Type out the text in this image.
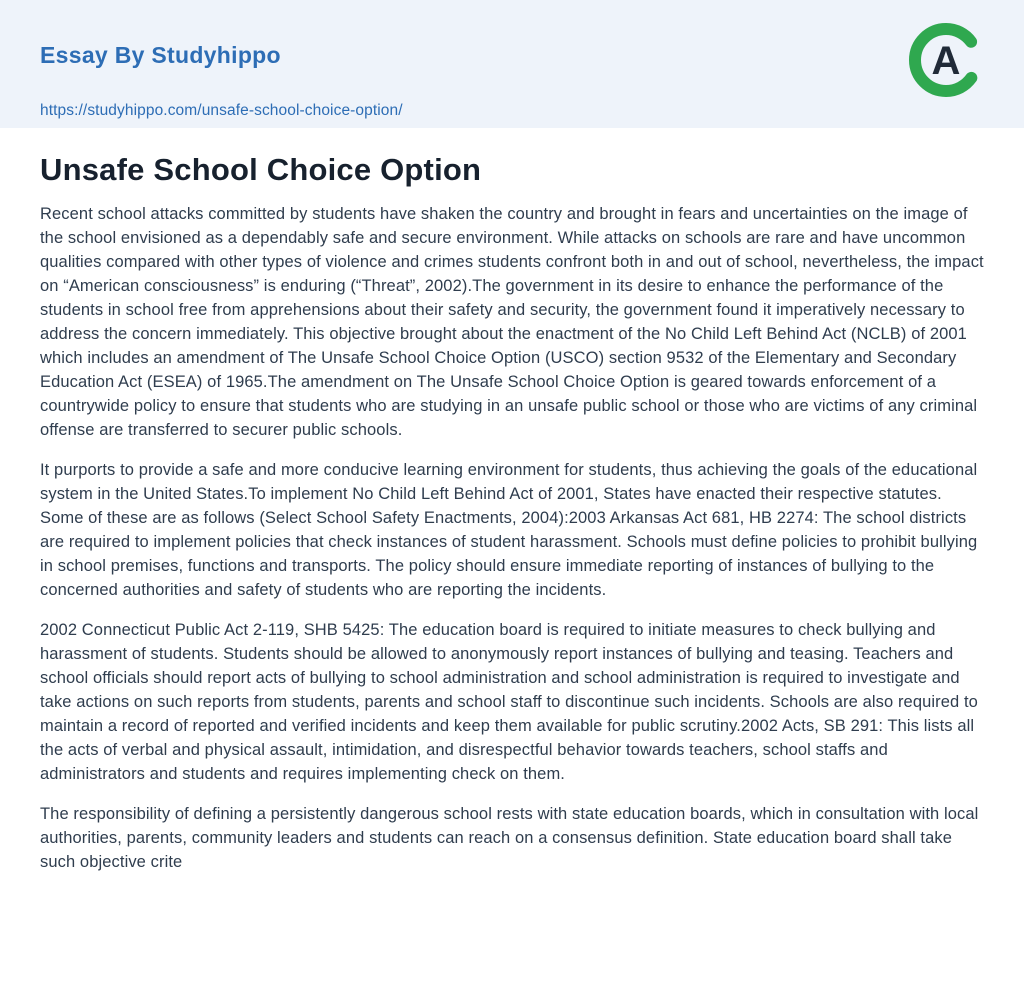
Essay By Studyhippo

https://studyhippo.com/unsafe-school-choice-option/
A
Unsafe School Choice Option

Recent school attacks committed by students have shaken the country and brought in fears and uncertainties on the image of the school envisioned as a dependably safe and secure environment. While attacks on schools are rare and have uncommon qualities compared with other types of violence and crimes students confront both in and out of school, nevertheless, the impact on “American consciousness” is enduring (“Threat”, 2002).The government in its desire to enhance the performance of the students in school free from apprehensions about their safety and security, the government found it imperatively necessary to address the concern immediately. This objective brought about the enactment of the No Child Left Behind Act (NCLB) of 2001 which includes an amendment of The Unsafe School Choice Option (USCO) section 9532 of the Elementary and Secondary Education Act (ESEA) of 1965.The amendment on The Unsafe School Choice Option is geared towards enforcement of a countrywide policy to ensure that students who are studying in an unsafe public school or those who are victims of any criminal offense are transferred to securer public schools.

It purports to provide a safe and more conducive learning environment for students, thus achieving the goals of the educational system in the United States.To implement No Child Left Behind Act of 2001, States have enacted their respective statutes. Some of these are as follows (Select School Safety Enactments, 2004):2003 Arkansas Act 681, HB 2274: The school districts are required to implement policies that check instances of student harassment. Schools must define policies to prohibit bullying in school premises, functions and transports. The policy should ensure immediate reporting of instances of bullying to the concerned authorities and safety of students who are reporting the incidents.

2002 Connecticut Public Act 2-119, SHB 5425: The education board is required to initiate measures to check bullying and harassment of students. Students should be allowed to anonymously report instances of bullying and teasing. Teachers and school officials should report acts of bullying to school administration and school administration is required to investigate and take actions on such reports from students, parents and school staff to discontinue such incidents. Schools are also required to maintain a record of reported and verified incidents and keep them available for public scrutiny.2002 Acts, SB 291: This lists all the acts of verbal and physical assault, intimidation, and disrespectful behavior towards teachers, school staffs and administrators and students and requires implementing check on them.

The responsibility of defining a persistently dangerous school rests with state education boards, which in consultation with local authorities, parents, community leaders and students can reach on a consensus definition. State education board shall take such objective crite
